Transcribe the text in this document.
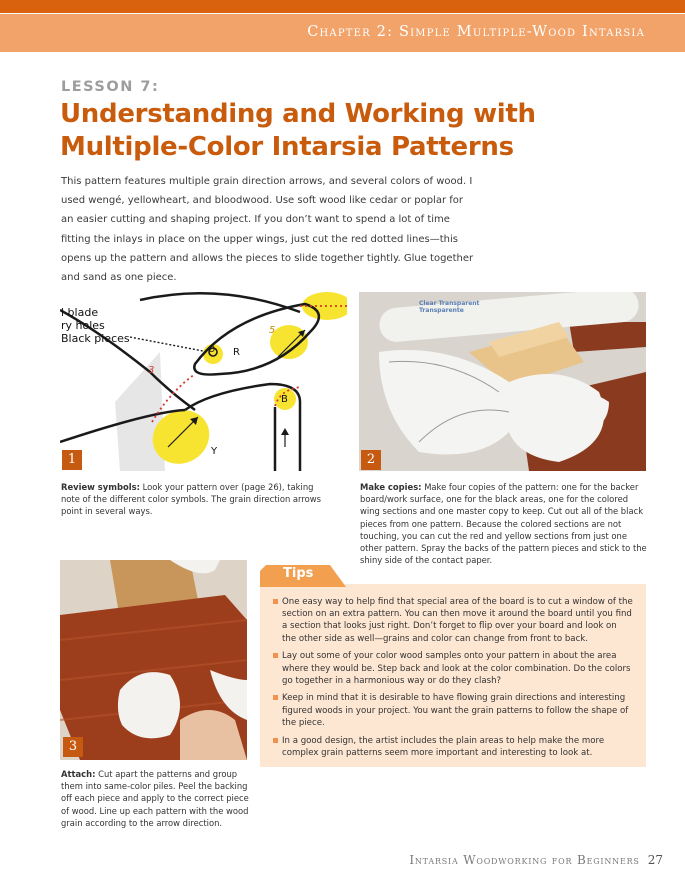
Chapter 2: Simple Multiple-Wood Intarsia
LESSON 7:
Understanding and Working with Multiple-Color Intarsia Patterns

This pattern features multiple grain direction arrows, and several colors of wood. I used wengé, yellowheart, and bloodwood. Use soft wood like cedar or poplar for an easier cutting and shaping project. If you don’t want to spend a lot of time fitting the inlays in place on the upper wings, just cut the red dotted lines—this opens up the pattern and allows the pieces to slide together tightly. Glue together and sand as one piece.

l blade
ry holes
Black pieces
O R
3
5
B
Y
1
Review symbols: Look your pattern over (page 26), taking note of the different color symbols. The grain direction arrows point in several ways.
Clear Transparent Transparente
2
Make copies: Make four copies of the pattern: one for the backer board/work surface, one for the black areas, one for the colored wing sections and one master copy to keep. Cut out all of the black pieces from one pattern. Because the colored sections are not touching, you can cut the red and yellow sections from just one other pattern. Spray the backs of the pattern pieces and stick to the shiny side of the contact paper.
3
Attach: Cut apart the patterns and group them into same-color piles. Peel the backing off each piece and apply to the correct piece of wood. Line up each pattern with the wood grain according to the arrow direction.
Tips
One easy way to help find that special area of the board is to cut a window of the section on an extra pattern. You can then move it around the board until you find a section that looks just right. Don’t forget to flip over your board and look on the other side as well—grains and color can change from front to back.
Lay out some of your color wood samples onto your pattern in about the area where they would be. Step back and look at the color combination. Do the colors go together in a harmonious way or do they clash?
Keep in mind that it is desirable to have flowing grain directions and interesting figured woods in your project. You want the grain patterns to follow the shape of the piece.
In a good design, the artist includes the plain areas to help make the more complex grain patterns seem more important and interesting to look at.
Intarsia Woodworking for Beginners 27
